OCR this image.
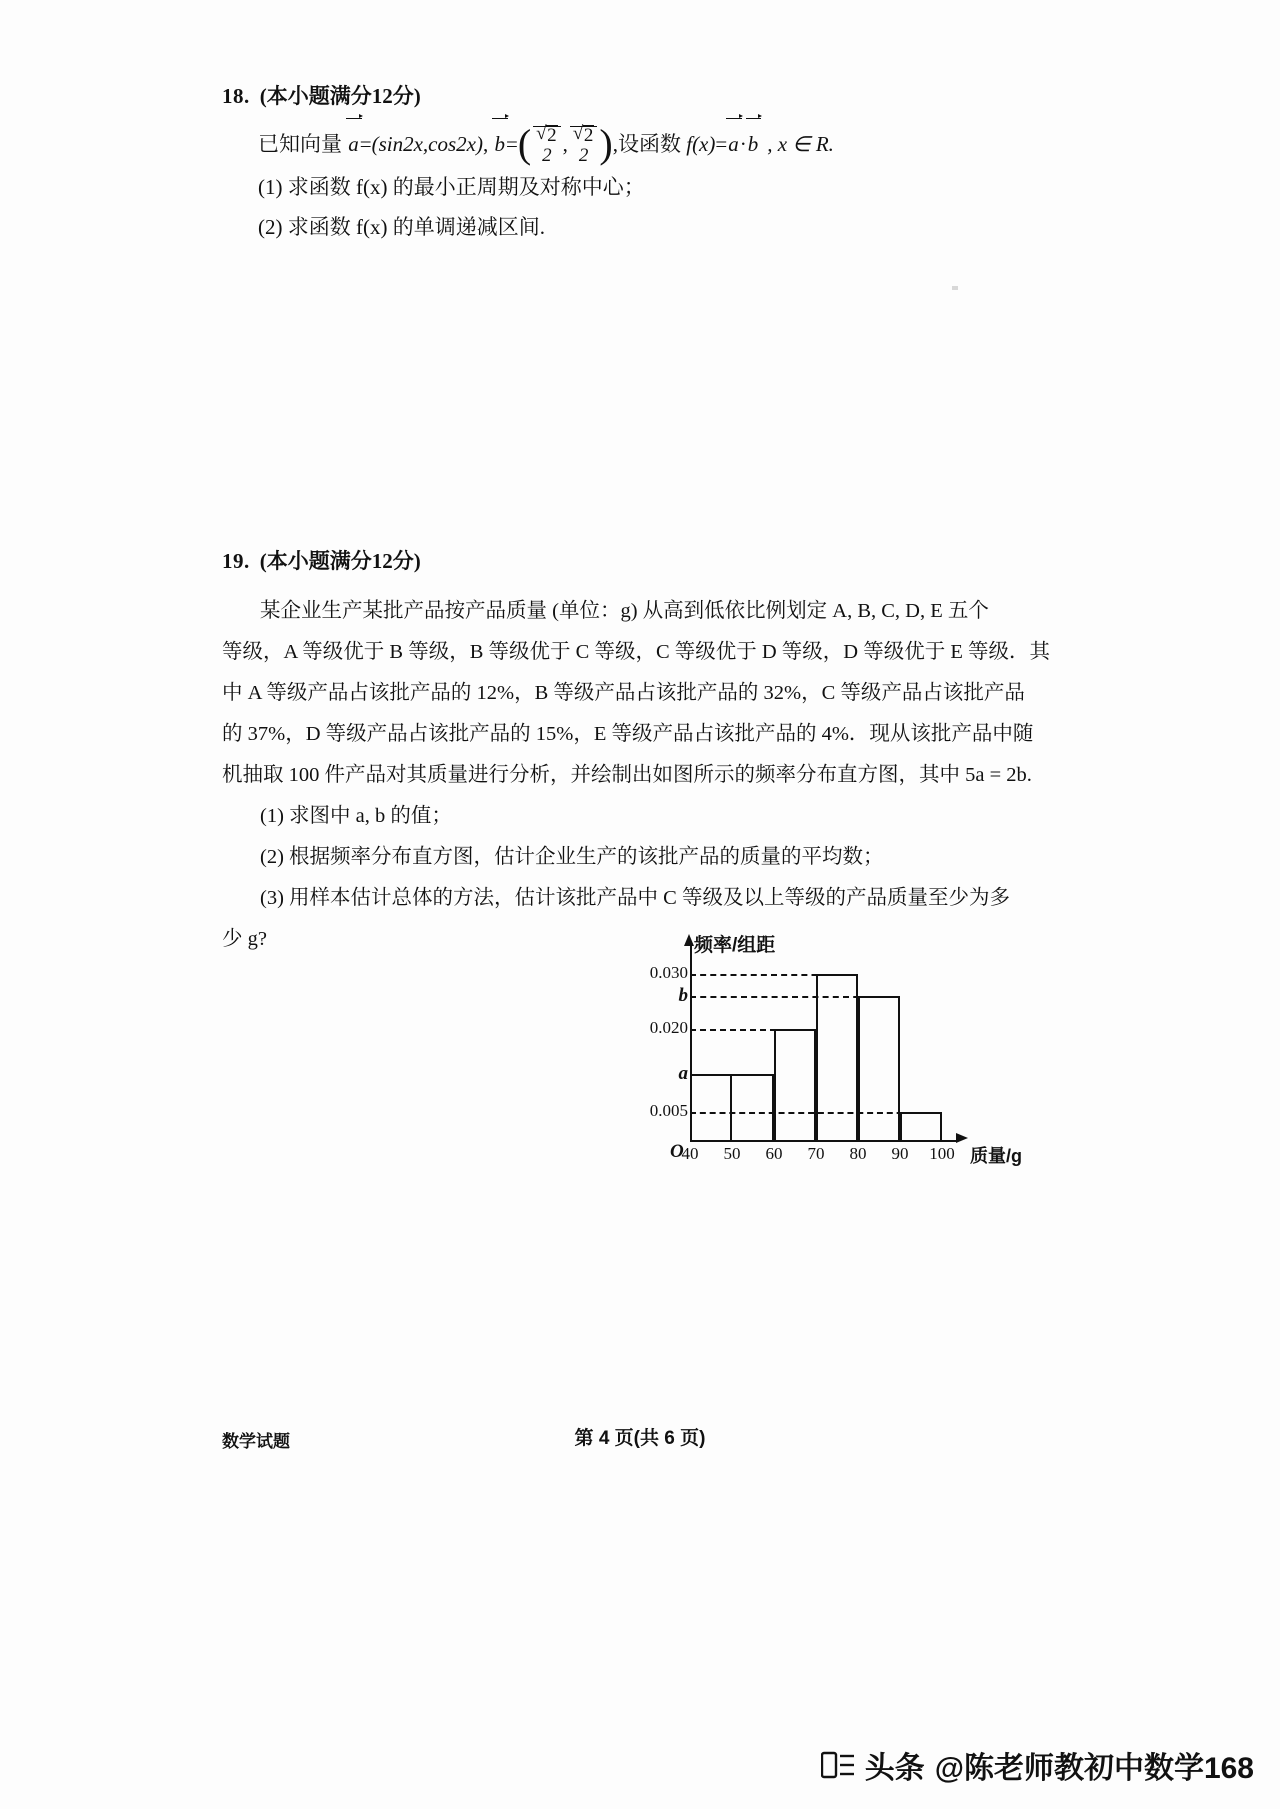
18. (本小题满分12分)
已知向量 a=(sin2x,cos2x), b=( √ $\frac{2}{2}$ , √ $\frac{2}{2}$ ),设函数 f(x)=a·b , x ∈ R.
(1) 求函数 f(x) 的最小正周期及对称中心；
(2) 求函数 f(x) 的单调递减区间.
19. (本小题满分12分)
某企业生产某批产品按产品质量 (单位：g) 从高到低依比例划定 A, B, C, D, E 五个
等级，A 等级优于 B 等级，B 等级优于 C 等级，C 等级优于 D 等级，D 等级优于 E 等级．其
中 A 等级产品占该批产品的 12%，B 等级产品占该批产品的 32%，C 等级产品占该批产品
的 37%，D 等级产品占该批产品的 15%，E 等级产品占该批产品的 4%．现从该批产品中随
机抽取 100 件产品对其质量进行分析，并绘制出如图所示的频率分布直方图，其中 5a = 2b.
(1) 求图中 a, b 的值；
(2) 根据频率分布直方图，估计企业生产的该批产品的质量的平均数；
(3) 用样本估计总体的方法，估计该批产品中 C 等级及以上等级的产品质量至少为多
少 g?	频率/组距
O	质量/g
0.030
b
0.020
a
0.005
40 50 60 70 80 90 100
数学试题	第 4 页(共 6 页)
头条 @陈老师教初中数学168
